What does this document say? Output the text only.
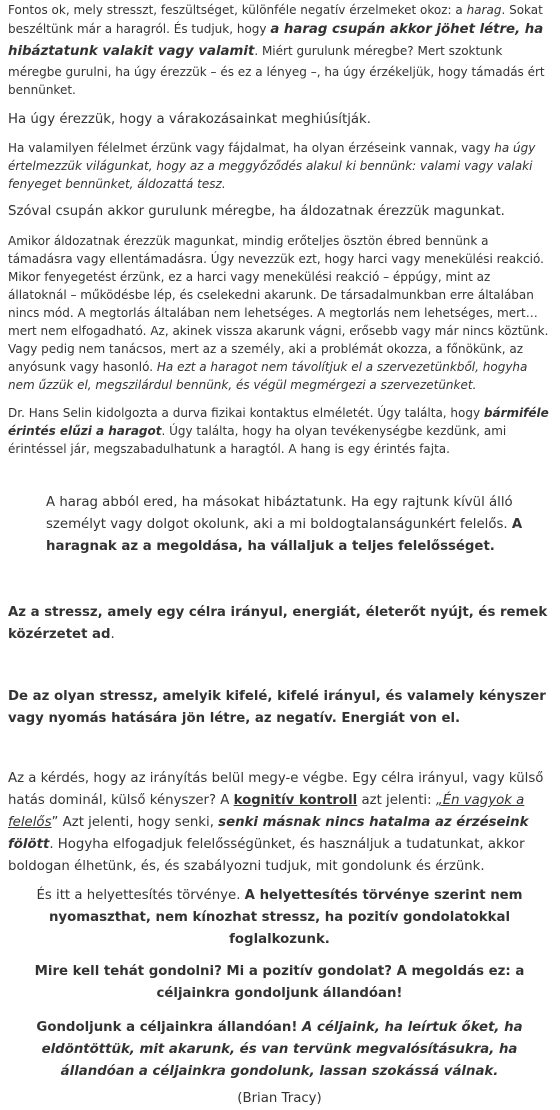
Fontos ok, mely stresszt, feszültséget, különféle negatív érzelmeket okoz: a harag. Sokat beszéltünk már a haragról. És tudjuk, hogy a harag csupán akkor jöhet létre, ha hibáztatunk valakit vagy valamit. Miért gurulunk méregbe? Mert szoktunk méregbe gurulni, ha úgy érezzük – és ez a lényeg –, ha úgy érzékeljük, hogy támadás ért bennünket.

Ha úgy érezzük, hogy a várakozásainkat meghiúsítják.

Ha valamilyen félelmet érzünk vagy fájdalmat, ha olyan érzéseink vannak, vagy ha úgy értelmezzük világunkat, hogy az a meggyőződés alakul ki bennünk: valami vagy valaki fenyeget bennünket, áldozattá tesz.

Szóval csupán akkor gurulunk méregbe, ha áldozatnak érezzük magunkat.

Amikor áldozatnak érezzük magunkat, mindig erőteljes ösztön ébred bennünk a támadásra vagy ellentámadásra. Úgy nevezzük ezt, hogy harci vagy menekülési reakció. Mikor fenyegetést érzünk, ez a harci vagy menekülési reakció – éppúgy, mint az állatoknál – működésbe lép, és cselekedni akarunk. De társadalmunkban erre általában nincs mód. A megtorlás általában nem lehetséges. A megtorlás nem lehetséges, mert… mert nem elfogadható. Az, akinek vissza akarunk vágni, erősebb vagy már nincs köztünk. Vagy pedig nem tanácsos, mert az a személy, aki a problémát okozza, a főnökünk, az anyósunk vagy hasonló. Ha ezt a haragot nem távolítjuk el a szervezetünkből, hogyha nem űzzük el, megszilárdul bennünk, és végül megmérgezi a szervezetünket.

Dr. Hans Selin kidolgozta a durva fizikai kontaktus elméletét. Úgy találta, hogy bármiféle érintés elűzi a haragot. Úgy találta, hogy ha olyan tevékenységbe kezdünk, ami érintéssel jár, megszabadulhatunk a haragtól. A hang is egy érintés fajta.

A harag abból ered, ha másokat hibáztatunk. Ha egy rajtunk kívül álló személyt vagy dolgot okolunk, aki a mi boldogtalanságunkért felelős. A haragnak az a megoldása, ha vállaljuk a teljes felelősséget.

Az a stressz, amely egy célra irányul, energiát, életerőt nyújt, és remek közérzetet ad.

De az olyan stressz, amelyik kifelé, kifelé irányul, és valamely kényszer vagy nyomás hatására jön létre, az negatív. Energiát von el.

Az a kérdés, hogy az irányítás belül megy-e végbe. Egy célra irányul, vagy külső hatás dominál, külső kényszer? A kognitív kontroll azt jelenti: „Én vagyok a felelős” Azt jelenti, hogy senki, senki másnak nincs hatalma az érzéseink fölött. Hogyha elfogadjuk felelősségünket, és használjuk a tudatunkat, akkor boldogan élhetünk, és, és szabályozni tudjuk, mit gondolunk és érzünk.

És itt a helyettesítés törvénye. A helyettesítés törvénye szerint nem nyomaszthat, nem kínozhat stressz, ha pozitív gondolatokkal foglalkozunk.

Mire kell tehát gondolni? Mi a pozitív gondolat? A megoldás ez: a céljainkra gondoljunk állandóan!

Gondoljunk a céljainkra állandóan! A céljaink, ha leírtuk őket, ha eldöntöttük, mit akarunk, és van tervünk megvalósításukra, ha állandóan a céljainkra gondolunk, lassan szokássá válnak.

(Brian Tracy)
